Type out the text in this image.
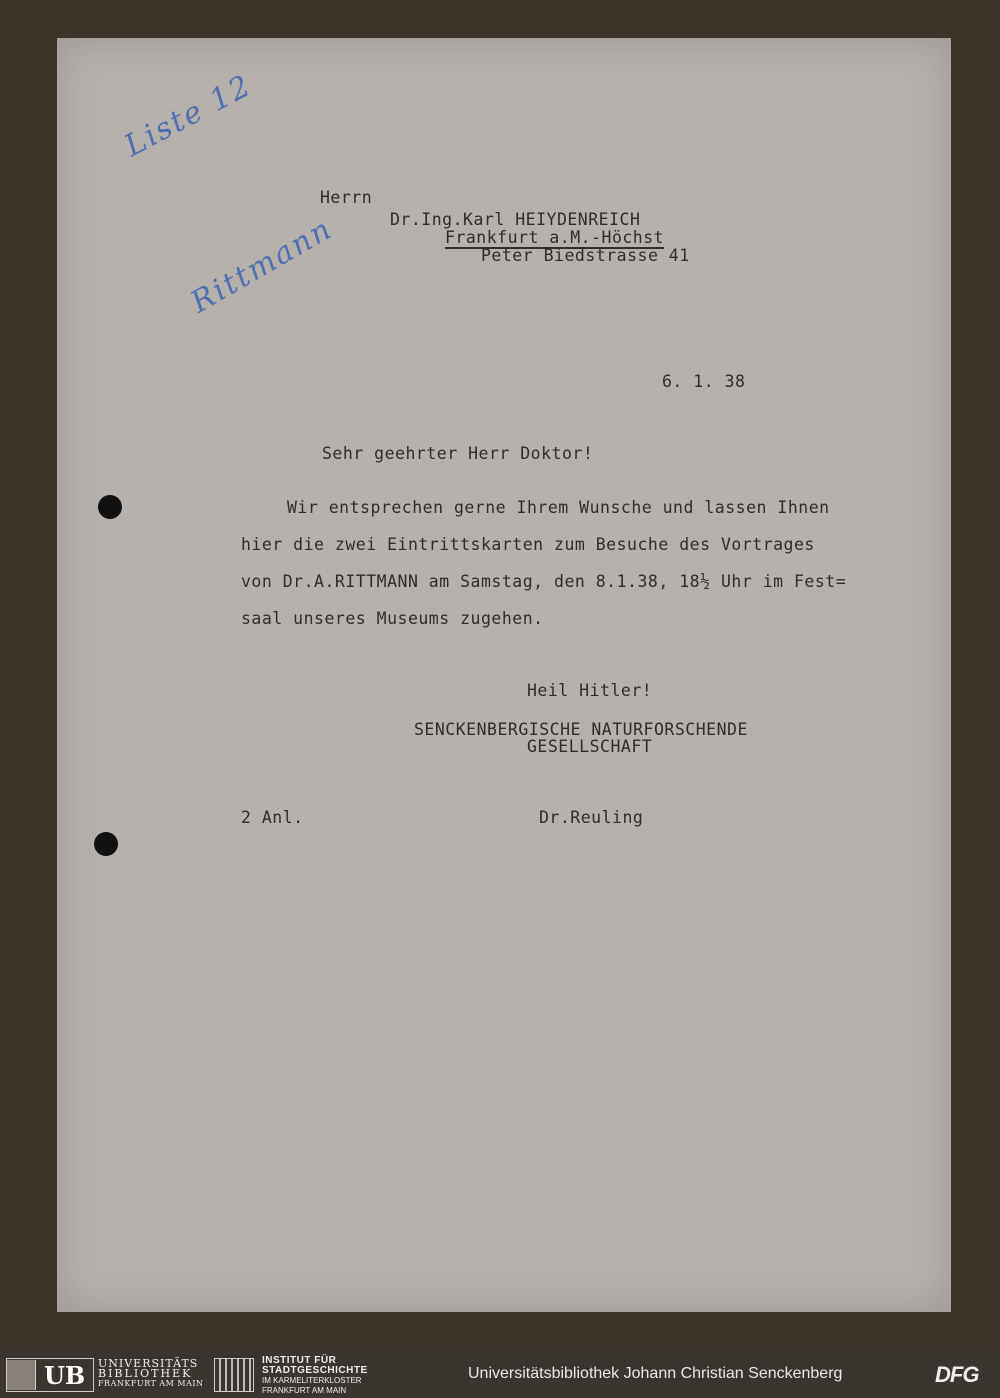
Liste 12
Rittmann
Herrn
Dr.Ing.Karl HEIYDENREICH
Frankfurt a.M.-Höchst
Peter Biedstrasse 41
6. 1. 38
Sehr geehrter Herr Doktor!
Wir entsprechen gerne Ihrem Wunsche und lassen Ihnen
hier die zwei Eintrittskarten zum Besuche des Vortrages
von Dr.A.RITTMANN am Samstag, den 8.1.38, 18½ Uhr im Fest=
saal unseres Museums zugehen.
Heil Hitler!
SENCKENBERGISCHE NATURFORSCHENDE
GESELLSCHAFT
2 Anl.	Dr.Reuling
UB UNIVERSITÄTS
BIBLIOTHEK
FRANKFURT AM MAIN
INSTITUT FÜR
STADTGESCHICHTE
IM KARMELITERKLOSTER
FRANKFURT AM MAIN
Universitätsbibliothek Johann Christian Senckenberg	DFG
